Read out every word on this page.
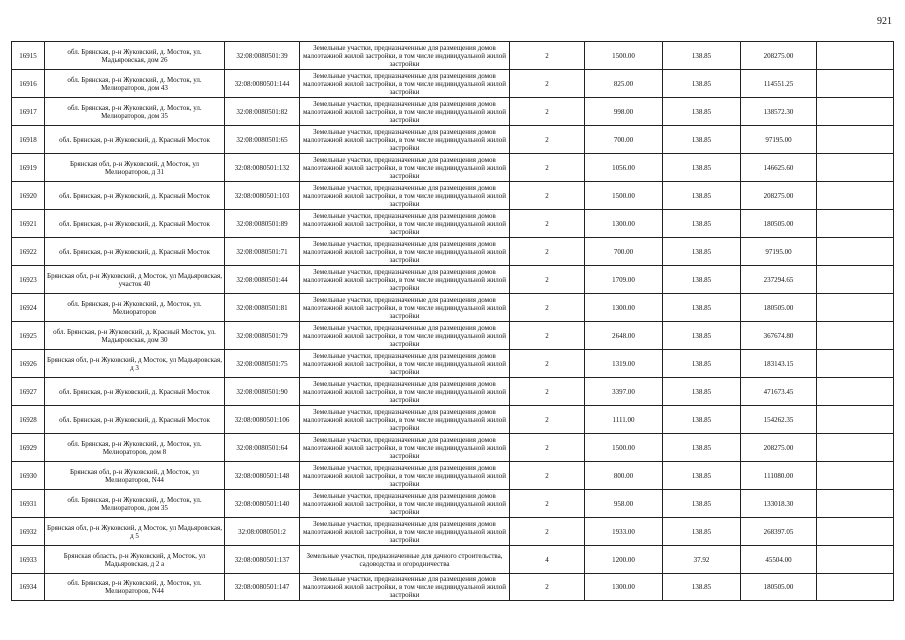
921
16915	обл. Брянская, р-н Жуковский, д. Мосток, ул. Мадьяровская, дом 26	32:08:0080501:39	Земельные участки, предназначенные для размещения домов малоэтажной жилой застройки, в том числе индивидуальной жилой застройки	2	1500.00	138.85	208275.00	
16916	обл. Брянская, р-н Жуковский, д. Мосток, ул. Мелиораторов, дом 43	32:08:0080501:144	Земельные участки, предназначенные для размещения домов малоэтажной жилой застройки, в том числе индивидуальной жилой застройки	2	825.00	138.85	114551.25	
16917	обл. Брянская, р-н Жуковский, д. Мосток, ул. Мелиораторов, дом 35	32:08:0080501:82	Земельные участки, предназначенные для размещения домов малоэтажной жилой застройки, в том числе индивидуальной жилой застройки	2	998.00	138.85	138572.30	
16918	обл. Брянская, р-н Жуковский, д. Красный Мосток	32:08:0080501:65	Земельные участки, предназначенные для размещения домов малоэтажной жилой застройки, в том числе индивидуальной жилой застройки	2	700.00	138.85	97195.00	
16919	Брянская обл, р-н Жуковский, д Мосток, ул Мелиораторов, д 31	32:08:0080501:132	Земельные участки, предназначенные для размещения домов малоэтажной жилой застройки, в том числе индивидуальной жилой застройки	2	1056.00	138.85	146625.60	
16920	обл. Брянская, р-н Жуковский, д. Красный Мосток	32:08:0080501:103	Земельные участки, предназначенные для размещения домов малоэтажной жилой застройки, в том числе индивидуальной жилой застройки	2	1500.00	138.85	208275.00	
16921	обл. Брянская, р-н Жуковский, д. Красный Мосток	32:08:0080501:89	Земельные участки, предназначенные для размещения домов малоэтажной жилой застройки, в том числе индивидуальной жилой застройки	2	1300.00	138.85	180505.00	
16922	обл. Брянская, р-н Жуковский, д. Красный Мосток	32:08:0080501:71	Земельные участки, предназначенные для размещения домов малоэтажной жилой застройки, в том числе индивидуальной жилой застройки	2	700.00	138.85	97195.00	
16923	Брянская обл, р-н Жуковский, д Мосток, ул Мадьяровская, участок 40	32:08:0080501:44	Земельные участки, предназначенные для размещения домов малоэтажной жилой застройки, в том числе индивидуальной жилой застройки	2	1709.00	138.85	237294.65	
16924	обл. Брянская, р-н Жуковский, д. Мосток, ул. Мелиораторов	32:08:0080501:81	Земельные участки, предназначенные для размещения домов малоэтажной жилой застройки, в том числе индивидуальной жилой застройки	2	1300.00	138.85	180505.00	
16925	обл. Брянская, р-н Жуковский, д. Красный Мосток, ул. Мадьяровская, дом 30	32:08:0080501:79	Земельные участки, предназначенные для размещения домов малоэтажной жилой застройки, в том числе индивидуальной жилой застройки	2	2648.00	138.85	367674.80	
16926	Брянская обл, р-н Жуковский, д Мосток, ул Мадьяровская, д 3	32:08:0080501:75	Земельные участки, предназначенные для размещения домов малоэтажной жилой застройки, в том числе индивидуальной жилой застройки	2	1319.00	138.85	183143.15	
16927	обл. Брянская, р-н Жуковский, д. Красный Мосток	32:08:0080501:90	Земельные участки, предназначенные для размещения домов малоэтажной жилой застройки, в том числе индивидуальной жилой застройки	2	3397.00	138.85	471673.45	
16928	обл. Брянская, р-н Жуковский, д. Красный Мосток	32:08:0080501:106	Земельные участки, предназначенные для размещения домов малоэтажной жилой застройки, в том числе индивидуальной жилой застройки	2	1111.00	138.85	154262.35	
16929	обл. Брянская, р-н Жуковский, д. Мосток, ул. Мелиораторов, дом 8	32:08:0080501:64	Земельные участки, предназначенные для размещения домов малоэтажной жилой застройки, в том числе индивидуальной жилой застройки	2	1500.00	138.85	208275.00	
16930	Брянская обл, р-н Жуковский, д Мосток, ул Мелиораторов, N44	32:08:0080501:148	Земельные участки, предназначенные для размещения домов малоэтажной жилой застройки, в том числе индивидуальной жилой застройки	2	800.00	138.85	111080.00	
16931	обл. Брянская, р-н Жуковский, д. Мосток, ул. Мелиораторов, дом 35	32:08:0080501:140	Земельные участки, предназначенные для размещения домов малоэтажной жилой застройки, в том числе индивидуальной жилой застройки	2	958.00	138.85	133018.30	
16932	Брянская обл, р-н Жуковский, д Мосток, ул Мадьяровская, д 5	32:08:0080501:2	Земельные участки, предназначенные для размещения домов малоэтажной жилой застройки, в том числе индивидуальной жилой застройки	2	1933.00	138.85	268397.05	
16933	Брянская область, р-н Жуковский, д Мосток, ул Мадьяровская, д 2 а	32:08:0080501:137	Земельные участки, предназначенные для дачного строительства, садоводства и огородничества	4	1200.00	37.92	45504.00	
16934	обл. Брянская, р-н Жуковский, д. Мосток, ул. Мелиораторов, N44	32:08:0080501:147	Земельные участки, предназначенные для размещения домов малоэтажной жилой застройки, в том числе индивидуальной жилой застройки	2	1300.00	138.85	180505.00	
